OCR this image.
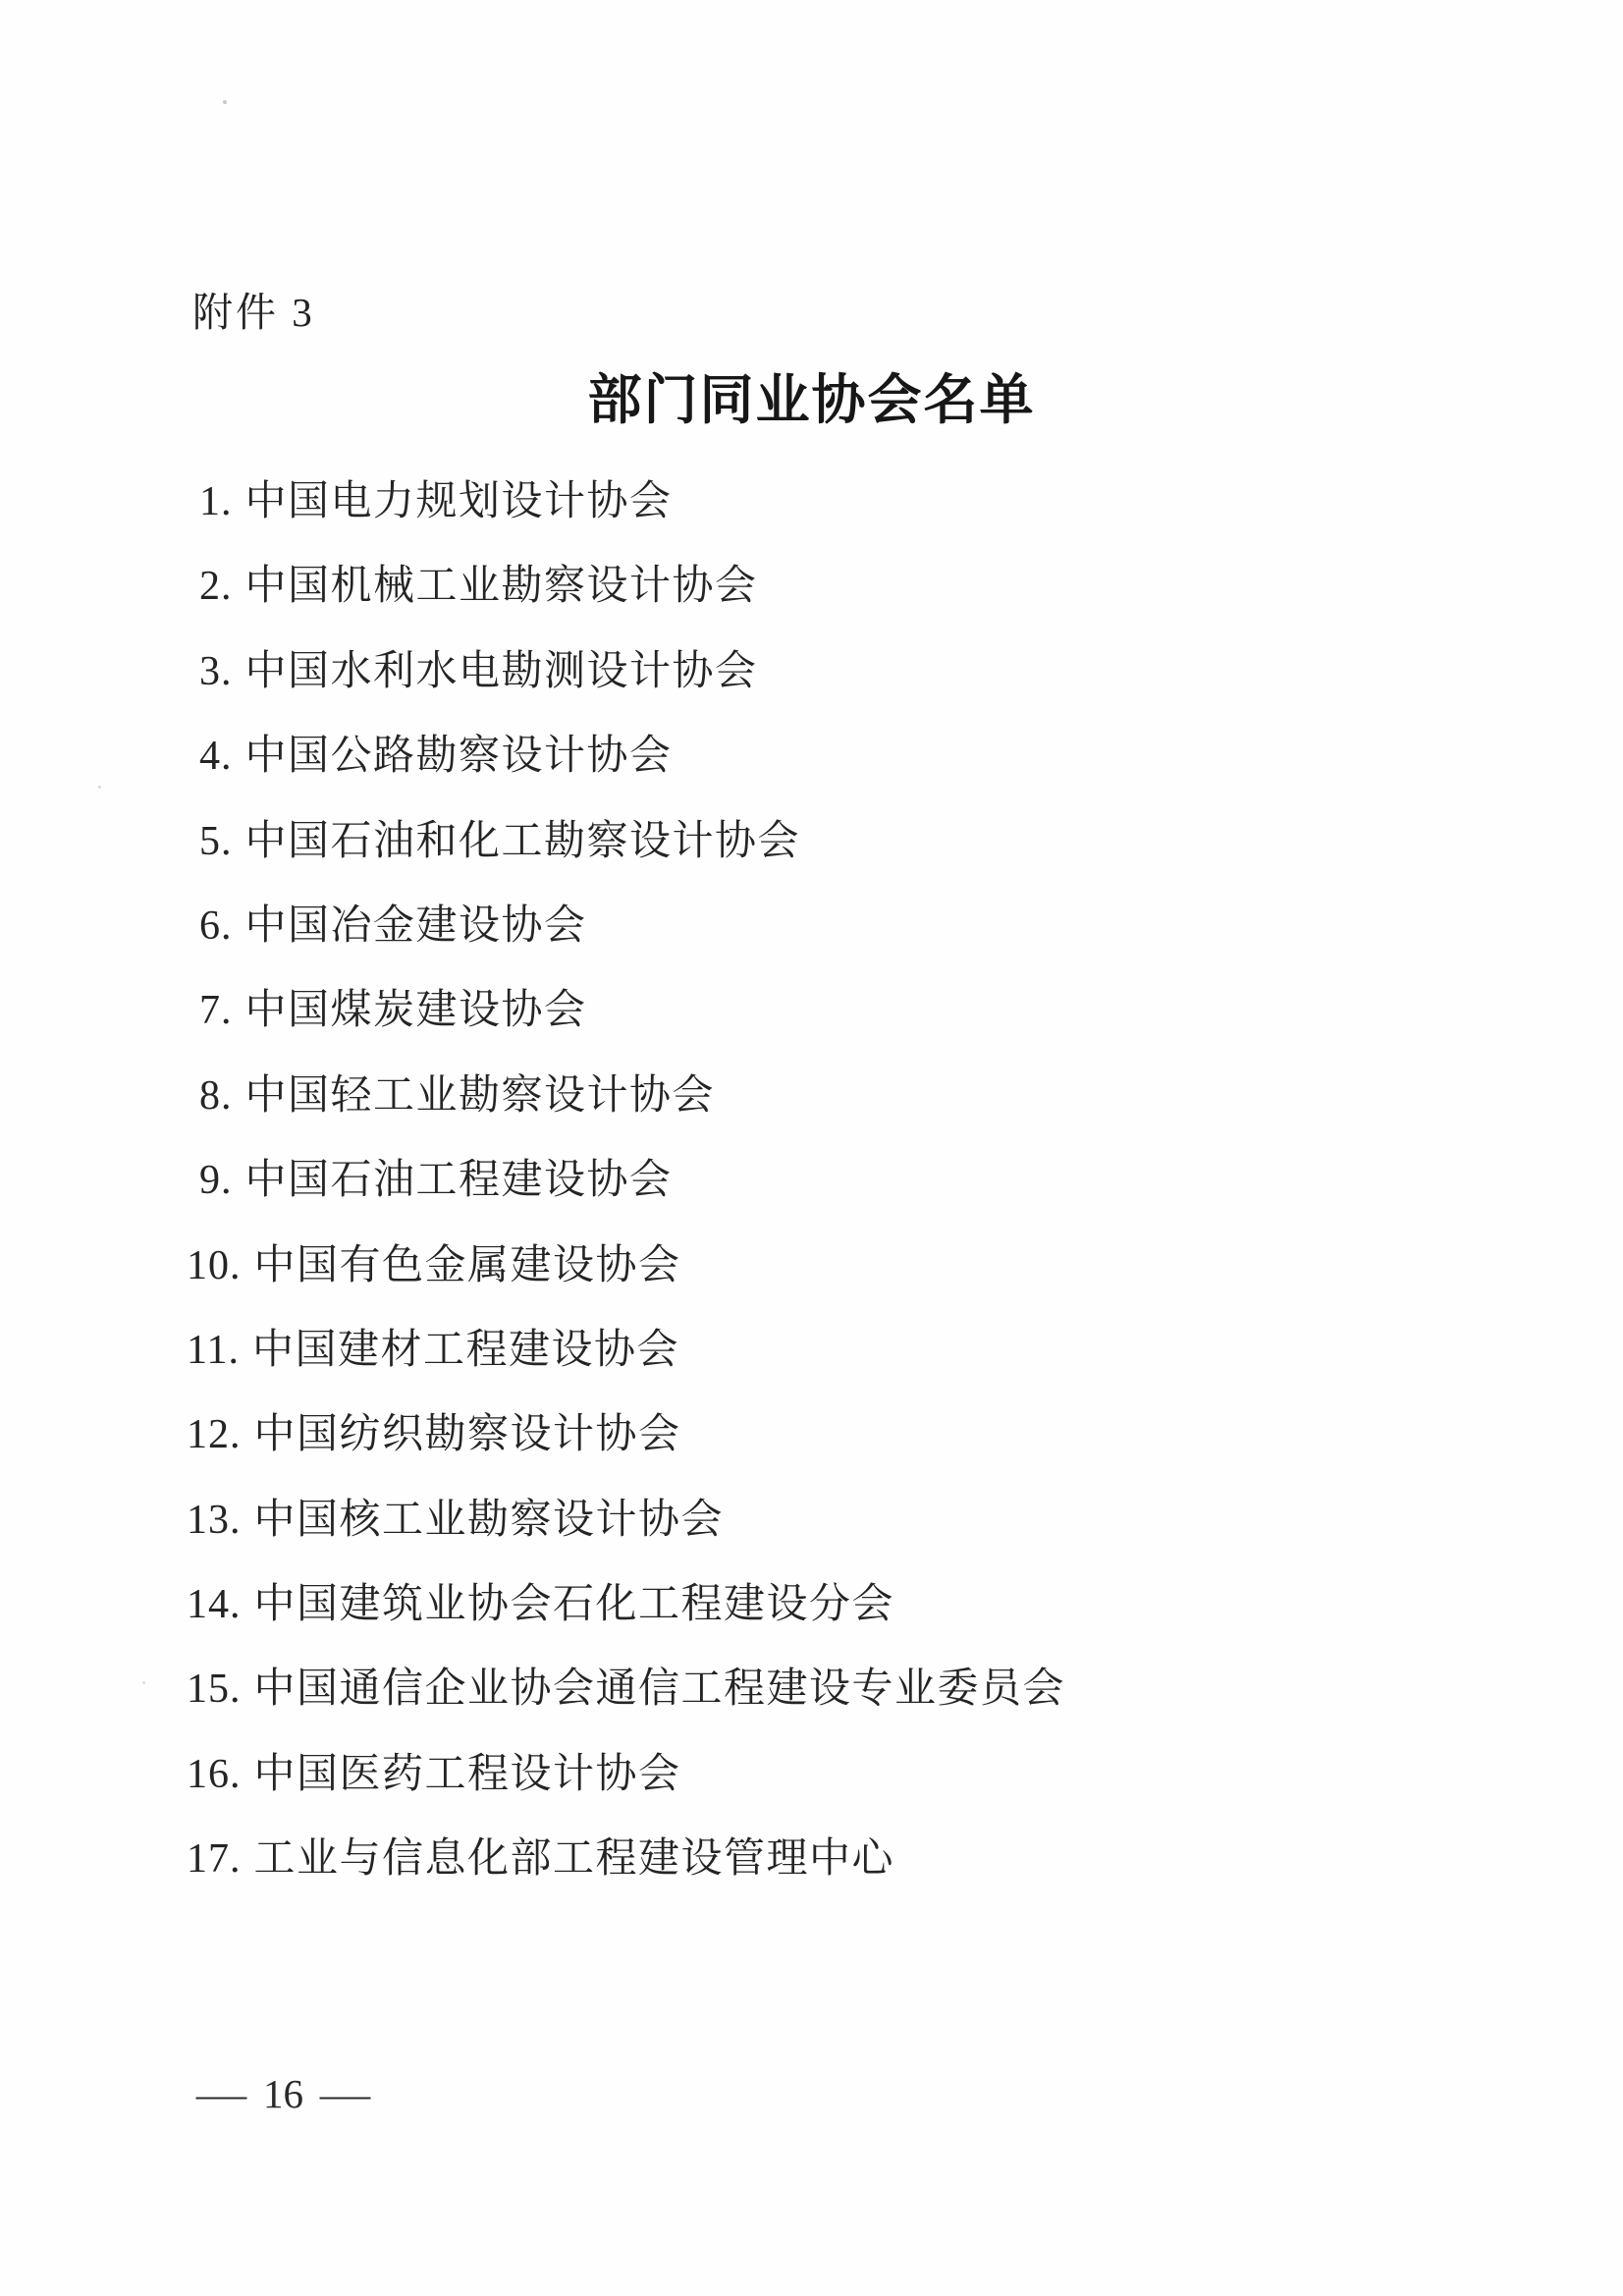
附件 3
部门同业协会名单
1. 中国电力规划设计协会
2. 中国机械工业勘察设计协会
3. 中国水利水电勘测设计协会
4. 中国公路勘察设计协会
5. 中国石油和化工勘察设计协会
6. 中国冶金建设协会
7. 中国煤炭建设协会
8. 中国轻工业勘察设计协会
9. 中国石油工程建设协会
10. 中国有色金属建设协会
11. 中国建材工程建设协会
12. 中国纺织勘察设计协会
13. 中国核工业勘察设计协会
14. 中国建筑业协会石化工程建设分会
15. 中国通信企业协会通信工程建设专业委员会
16. 中国医药工程设计协会
17. 工业与信息化部工程建设管理中心
— 16 —
